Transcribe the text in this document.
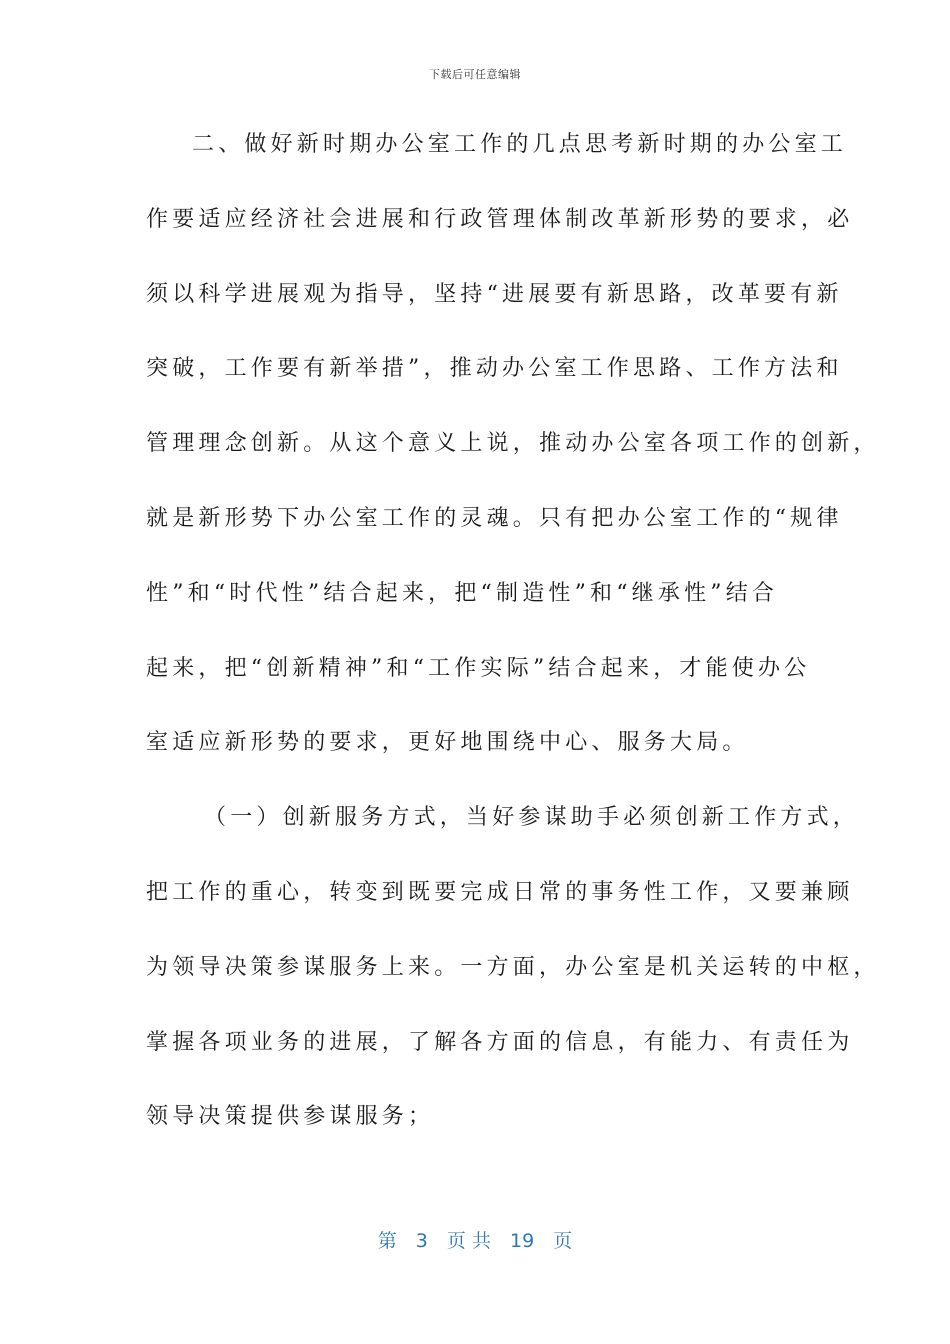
下载后可任意编辑
二、做好新时期办公室工作的几点思考新时期的办公室工
作要适应经济社会进展和行政管理体制改革新形势的要求，必
须以科学进展观为指导，坚持“进展要有新思路，改革要有新
突破，工作要有新举措”，推动办公室工作思路、工作方法和
管理理念创新。从这个意义上说，推动办公室各项工作的创新，
就是新形势下办公室工作的灵魂。只有把办公室工作的“规律
性”和“时代性”结合起来，把“制造性”和“继承性”结合
起来，把“创新精神”和“工作实际”结合起来，才能使办公
室适应新形势的要求，更好地围绕中心、服务大局。
（一）创新服务方式，当好参谋助手必须创新工作方式，
把工作的重心，转变到既要完成日常的事务性工作，又要兼顾
为领导决策参谋服务上来。一方面，办公室是机关运转的中枢，
掌握各项业务的进展，了解各方面的信息，有能力、有责任为
领导决策提供参谋服务；
第 3 页 共 19 页
